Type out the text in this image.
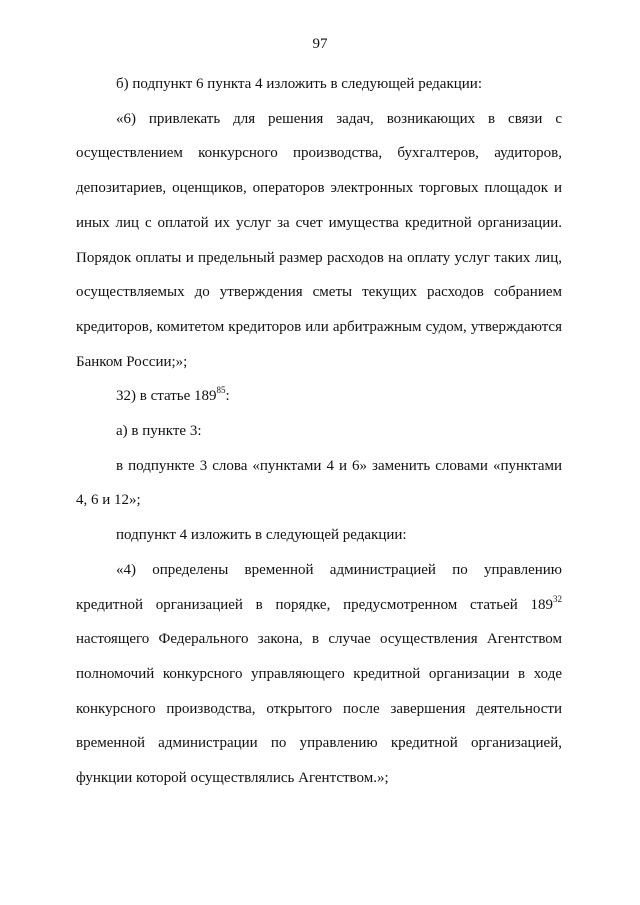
97

б) подпункт 6 пункта 4 изложить в следующей редакции:

«6) привлекать для решения задач, возникающих в связи с осуществлением конкурсного производства, бухгалтеров, аудиторов, депозитариев, оценщиков, операторов электронных торговых площадок и иных лиц с оплатой их услуг за счет имущества кредитной организации. Порядок оплаты и предельный размер расходов на оплату услуг таких лиц, осуществляемых до утверждения сметы текущих расходов собранием кредиторов, комитетом кредиторов или арбитражным судом, утверждаются Банком России;»;

32) в статье $189^{85}$:

а) в пункте 3:

в подпункте 3 слова «пунктами 4 и 6» заменить словами «пунктами 4, 6 и 12»;

подпункт 4 изложить в следующей редакции:

«4) определены временной администрацией по управлению кредитной организацией в порядке, предусмотренном статьей $189^{32}$ настоящего Федерального закона, в случае осуществления Агентством полномочий конкурсного управляющего кредитной организации в ходе конкурсного производства, открытого после завершения деятельности временной администрации по управлению кредитной организацией, функции которой осуществлялись Агентством.»;
